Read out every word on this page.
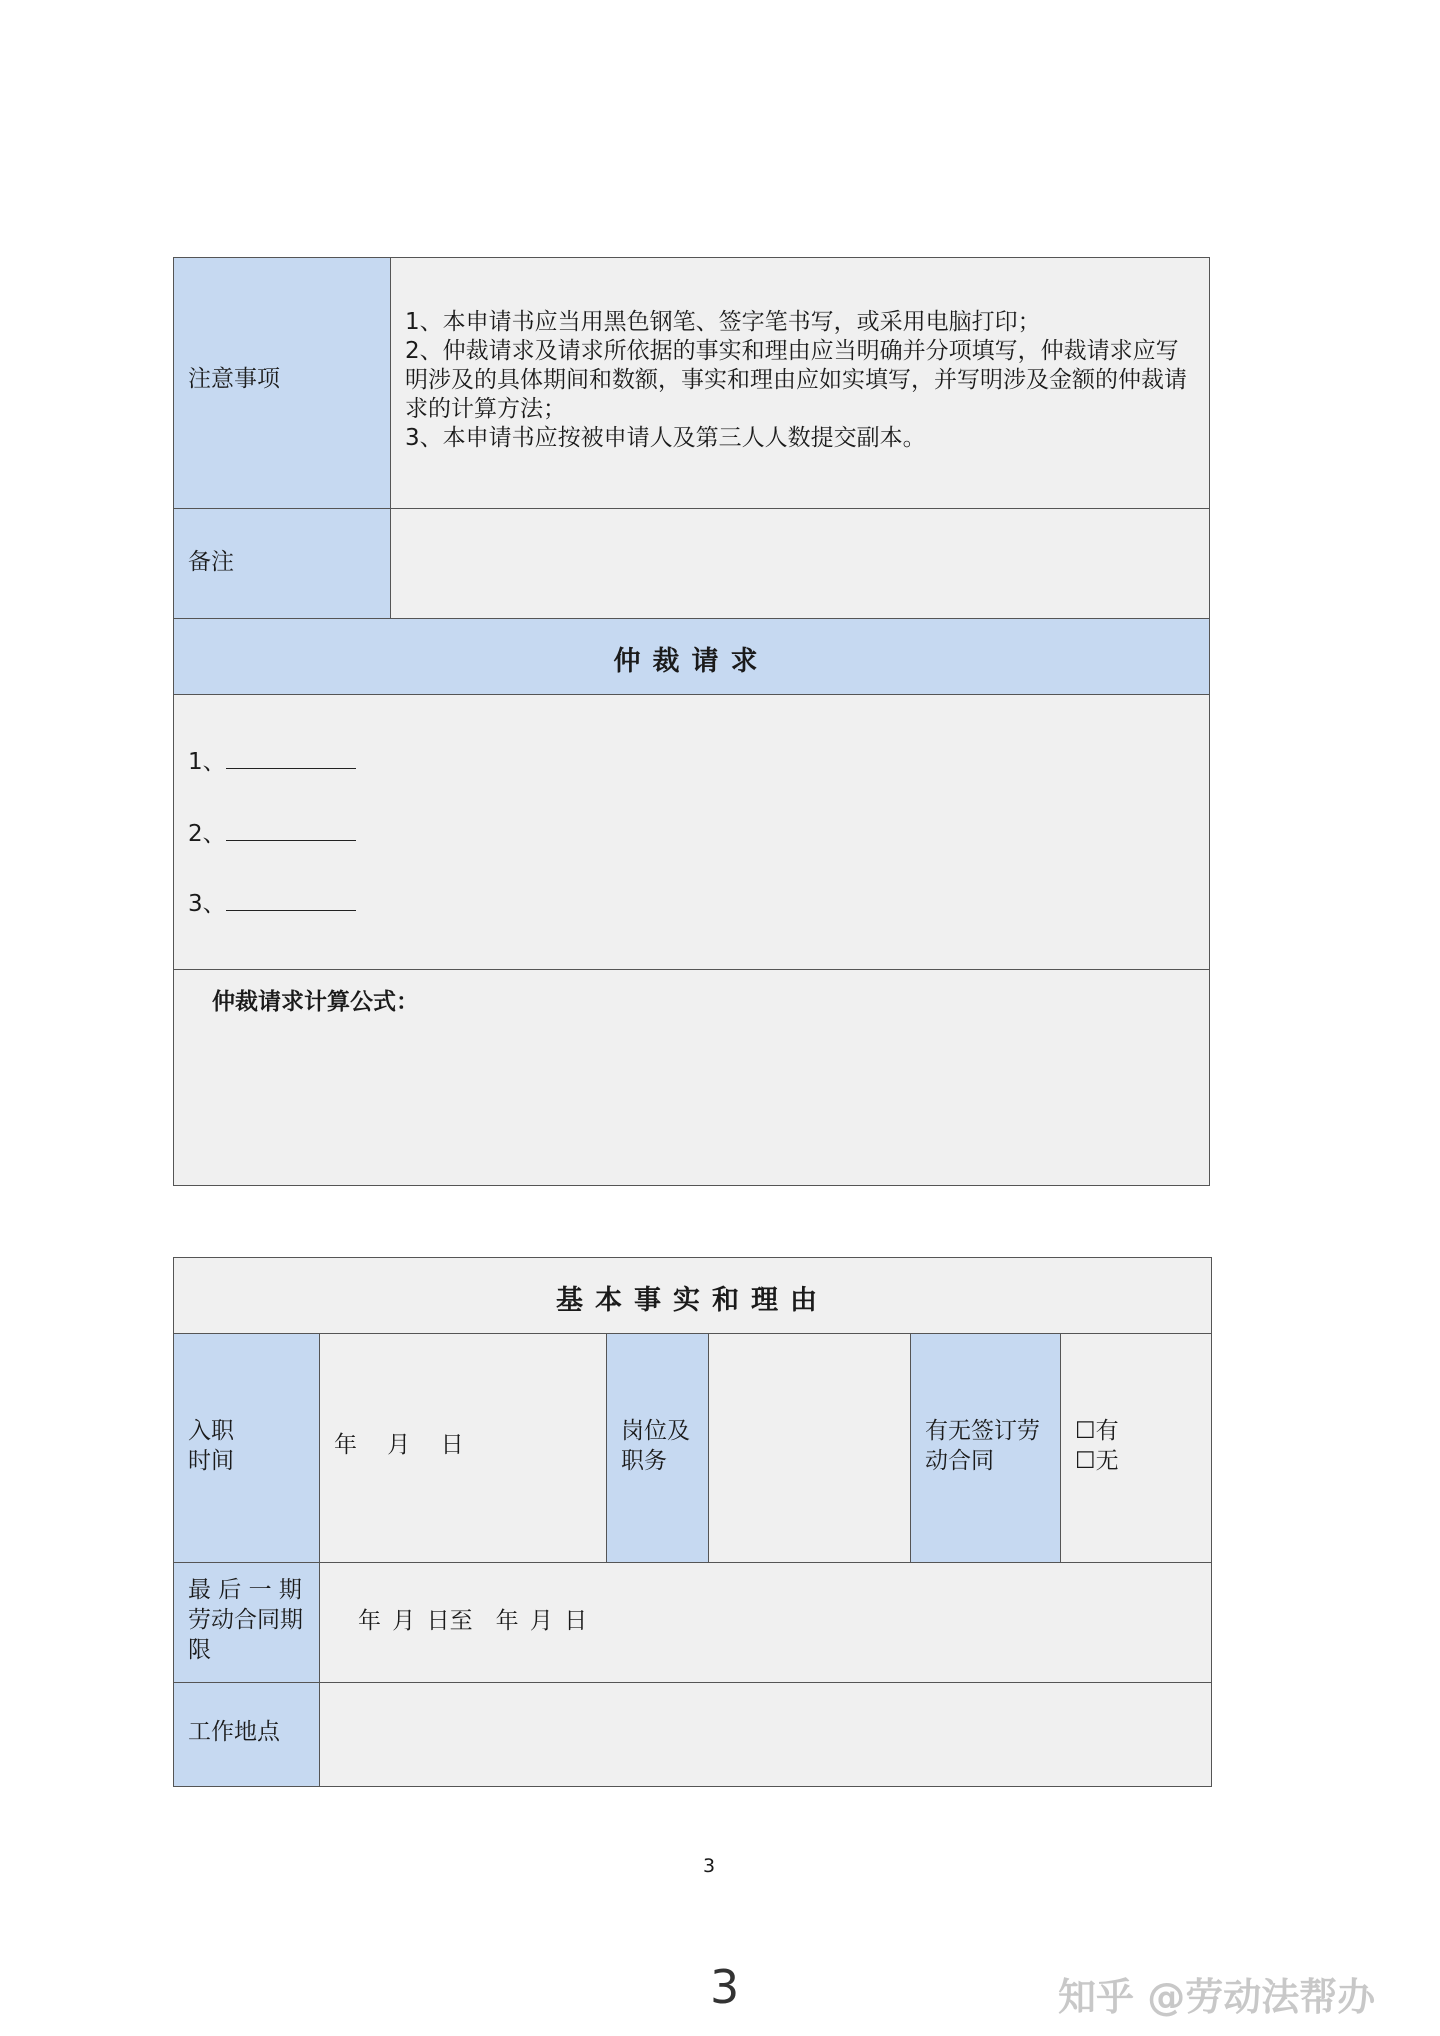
注意事项
1、本申请书应当用黑色钢笔、签字笔书写，或采用电脑打印；
2、仲裁请求及请求所依据的事实和理由应当明确并分项填写，仲裁请求应写明涉及的具体期间和数额，事实和理由应如实填写，并写明涉及金额的仲裁请求的计算方法；
3、本申请书应按被申请人及第三人人数提交副本。
备注
仲裁请求
1、
2、
3、
仲裁请求计算公式：
基本事实和理由
入职时间
年　 月　 日
岗位及职务
有无签订劳动合同
☐有
☐无
最 后 一 期劳动合同期限
年 月 日至　年 月 日
工作地点
3
3	知乎 @劳动法帮办
